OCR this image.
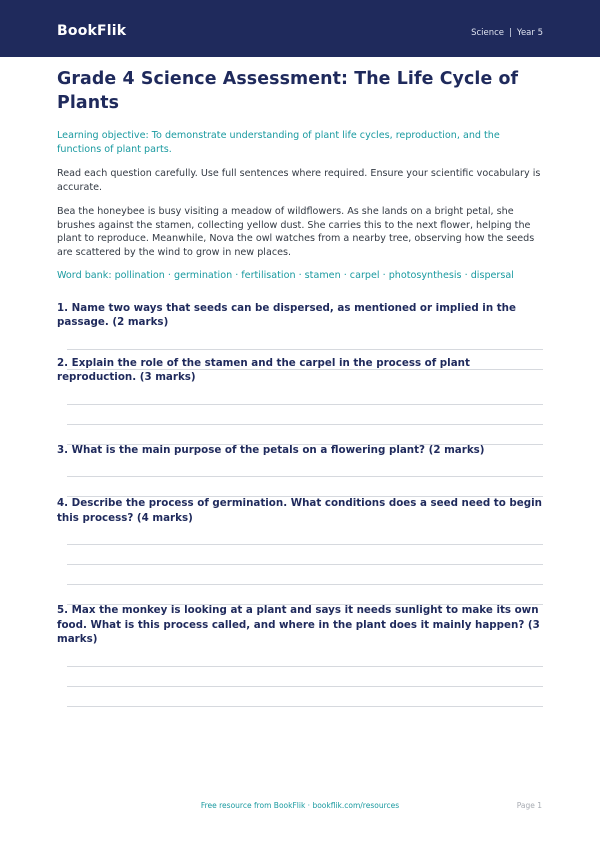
BookFlik	Science | Year 5
Grade 4 Science Assessment: The Life Cycle of Plants
Learning objective: To demonstrate understanding of plant life cycles, reproduction, and the functions of plant parts.
Read each question carefully. Use full sentences where required. Ensure your scientific vocabulary is accurate.
Bea the honeybee is busy visiting a meadow of wildflowers. As she lands on a bright petal, she brushes against the stamen, collecting yellow dust. She carries this to the next flower, helping the plant to reproduce. Meanwhile, Nova the owl watches from a nearby tree, observing how the seeds are scattered by the wind to grow in new places.
Word bank: pollination · germination · fertilisation · stamen · carpel · photosynthesis · dispersal
1. Name two ways that seeds can be dispersed, as mentioned or implied in the passage. (2 marks)
2. Explain the role of the stamen and the carpel in the process of plant reproduction. (3 marks)
3. What is the main purpose of the petals on a flowering plant? (2 marks)
4. Describe the process of germination. What conditions does a seed need to begin this process? (4 marks)
5. Max the monkey is looking at a plant and says it needs sunlight to make its own food. What is this process called, and where in the plant does it mainly happen? (3 marks)
Free resource from BookFlik · bookflik.com/resources	Page 1
